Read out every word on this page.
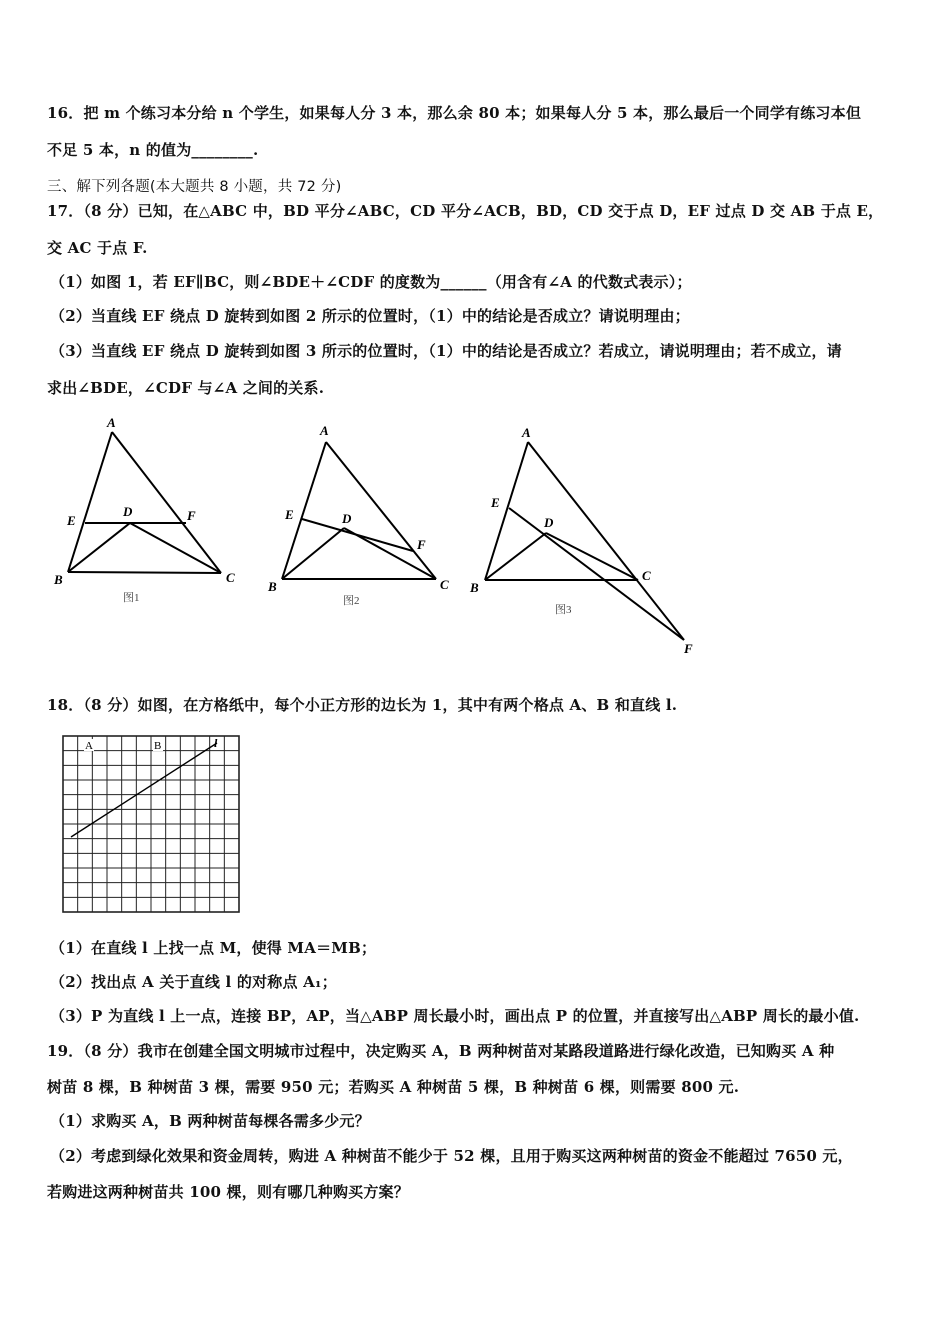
16．把 m 个练习本分给 n 个学生，如果每人分 3 本，那么余 80 本；如果每人分 5 本，那么最后一个同学有练习本但
不足 5 本，n 的值为________.
三、解下列各题(本大题共 8 小题，共 72 分)
17．（8 分）已知，在△ABC 中，BD 平分∠ABC，CD 平分∠ACB，BD，CD 交于点 D，EF 过点 D 交 AB 于点 E，
交 AC 于点 F.
（1）如图 1，若 EF∥BC，则∠BDE＋∠CDF 的度数为______（用含有∠A 的代数式表示）；
（2）当直线 EF 绕点 D 旋转到如图 2 所示的位置时，（1）中的结论是否成立？请说明理由；
（3）当直线 EF 绕点 D 旋转到如图 3 所示的位置时，（1）中的结论是否成立？若成立，请说明理由；若不成立，请
求出∠BDE，∠CDF 与∠A 之间的关系.
A
B	C
D
E	F
图1
A
B	C
D
E
F
图2
A
B
C
D
E
F
图3
18．（8 分）如图，在方格纸中，每个小正方形的边长为 1，其中有两个格点 A、B 和直线 l.
A	B	l
（1）在直线 l 上找一点 M，使得 MA＝MB；
（2）找出点 A 关于直线 l 的对称点 A₁；
（3）P 为直线 l 上一点，连接 BP，AP，当△ABP 周长最小时，画出点 P 的位置，并直接写出△ABP 周长的最小值.
19．（8 分）我市在创建全国文明城市过程中，决定购买 A，B 两种树苗对某路段道路进行绿化改造，已知购买 A 种
树苗 8 棵，B 种树苗 3 棵，需要 950 元；若购买 A 种树苗 5 棵，B 种树苗 6 棵，则需要 800 元.
（1）求购买 A，B 两种树苗每棵各需多少元？
（2）考虑到绿化效果和资金周转，购进 A 种树苗不能少于 52 棵，且用于购买这两种树苗的资金不能超过 7650 元，
若购进这两种树苗共 100 棵，则有哪几种购买方案？
